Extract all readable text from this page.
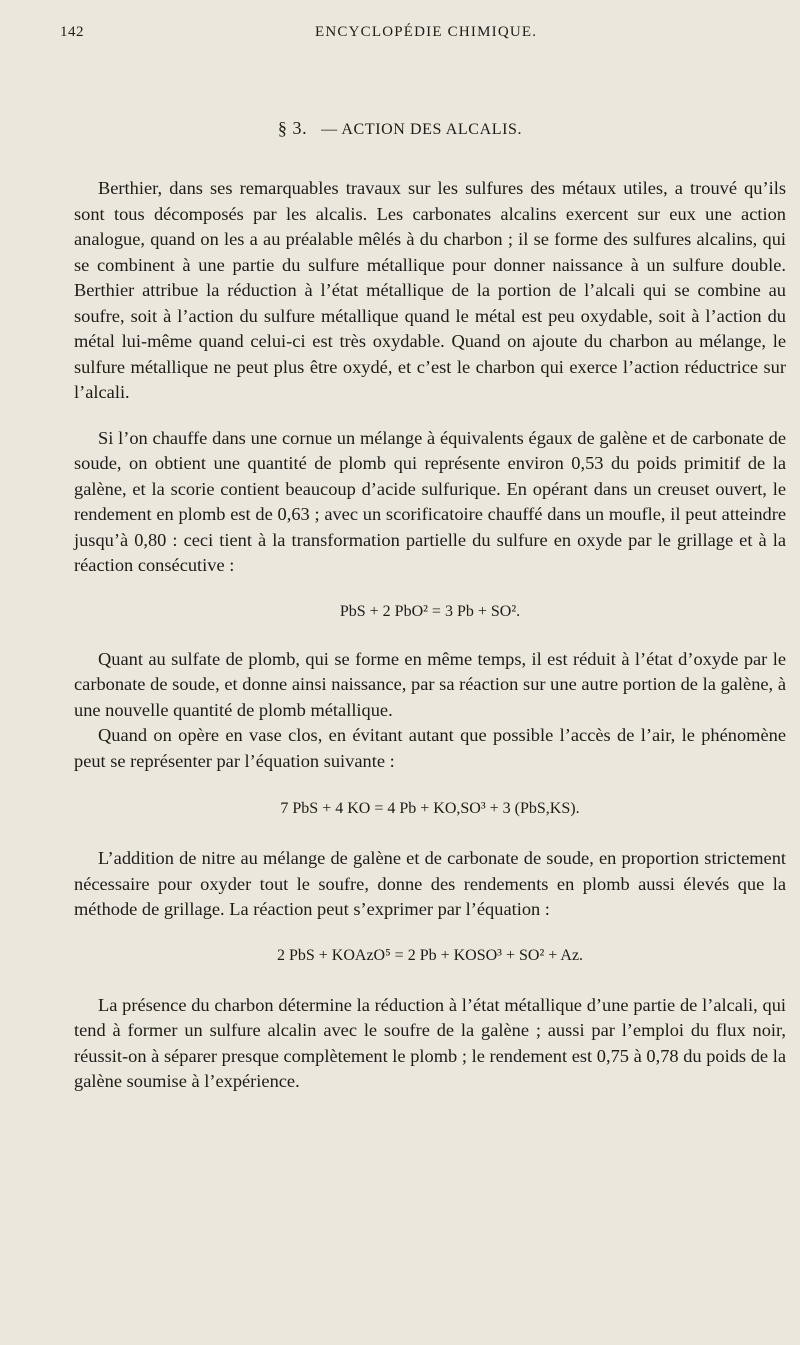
142	ENCYCLOPÉDIE CHIMIQUE.
§ 3. — ACTION DES ALCALIS.

Berthier, dans ses remarquables travaux sur les sulfures des métaux utiles, a trouvé qu’ils sont tous décomposés par les alcalis. Les carbonates alcalins exercent sur eux une action analogue, quand on les a au préalable mêlés à du charbon ; il se forme des sulfures alcalins, qui se combinent à une partie du sulfure métallique pour donner naissance à un sulfure double. Berthier attribue la réduction à l’état métallique de la portion de l’alcali qui se combine au soufre, soit à l’action du sulfure métallique quand le métal est peu oxydable, soit à l’action du métal lui-même quand celui-ci est très oxydable. Quand on ajoute du charbon au mélange, le sulfure métallique ne peut plus être oxydé, et c’est le charbon qui exerce l’action réductrice sur l’alcali.

Si l’on chauffe dans une cornue un mélange à équivalents égaux de galène et de carbonate de soude, on obtient une quantité de plomb qui représente environ 0,53 du poids primitif de la galène, et la scorie contient beaucoup d’acide sulfurique. En opérant dans un creuset ouvert, le rendement en plomb est de 0,63 ; avec un scorificatoire chauffé dans un moufle, il peut atteindre jusqu’à 0,80 : ceci tient à la transformation partielle du sulfure en oxyde par le grillage et à la réaction consécutive :

PbS + 2 PbO² = 3 Pb + SO².

Quant au sulfate de plomb, qui se forme en même temps, il est réduit à l’état d’oxyde par le carbonate de soude, et donne ainsi naissance, par sa réaction sur une autre portion de la galène, à une nouvelle quantité de plomb métallique.

Quand on opère en vase clos, en évitant autant que possible l’accès de l’air, le phénomène peut se représenter par l’équation suivante :

7 PbS + 4 KO = 4 Pb + KO,SO³ + 3 (PbS,KS).

L’addition de nitre au mélange de galène et de carbonate de soude, en proportion strictement nécessaire pour oxyder tout le soufre, donne des rendements en plomb aussi élevés que la méthode de grillage. La réaction peut s’exprimer par l’équation :

2 PbS + KOAzO⁵ = 2 Pb + KOSO³ + SO² + Az.

La présence du charbon détermine la réduction à l’état métallique d’une partie de l’alcali, qui tend à former un sulfure alcalin avec le soufre de la galène ; aussi par l’emploi du flux noir, réussit-on à séparer presque complètement le plomb ; le rendement est 0,75 à 0,78 du poids de la galène soumise à l’expérience.
